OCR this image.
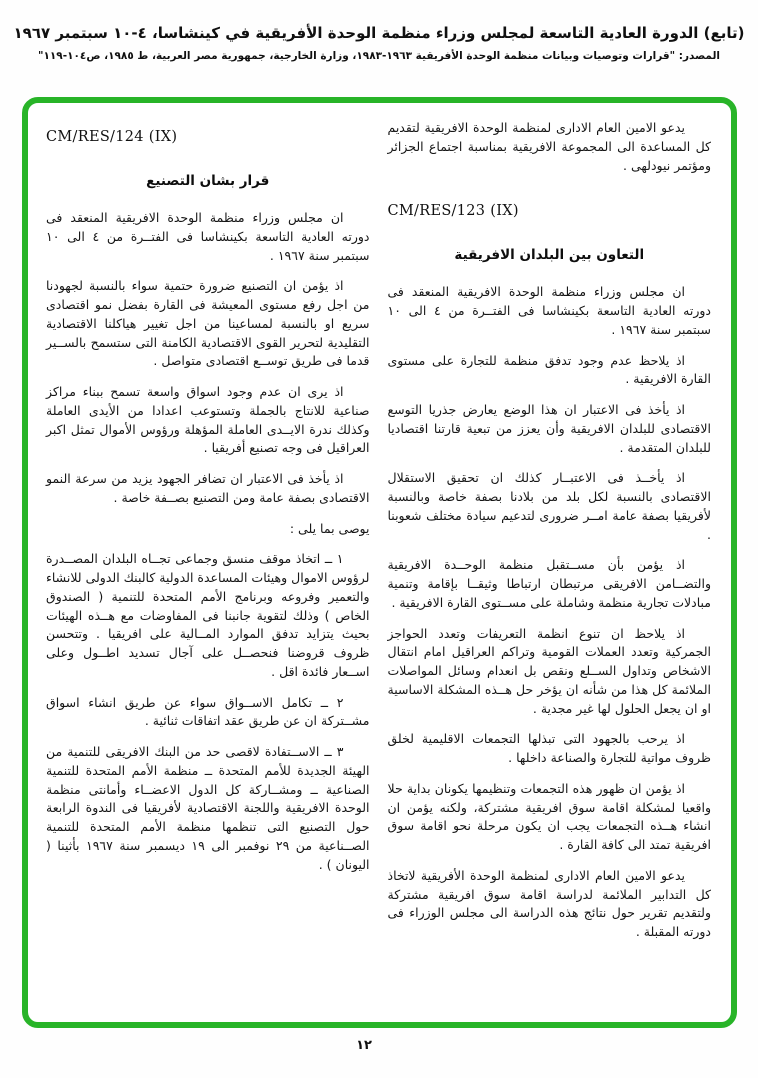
(تابع) الدورة العادية التاسعة لمجلس وزراء منظمة الوحدة الأفريقية في كينشاسا، ٤-١٠ سبتمبر ١٩٦٧
المصدر: "قرارات وتوصيات وبيانات منظمة الوحدة الأفريقية ١٩٦٣-١٩٨٣، وزارة الخارجية، جمهورية مصر العربية، ط ١٩٨٥، ص١٠٤-١١٩"

يدعو الامين العام الادارى لمنظمة الوحدة الافريقية لتقديم كل المساعدة الى المجموعة الافريقية بمناسبة اجتماع الجزائر ومؤتمر نيودلهى .

CM/RES/123 (IX)
التعاون بين البلدان الافريقية

ان مجلس وزراء منظمة الوحدة الافريقية المنعقد فى دورته العادية التاسعة بكينشاسا فى الفتــرة من ٤ الى ١٠ سبتمبر سنة ١٩٦٧ .

اذ يلاحظ عدم وجود تدفق منظمة للتجارة على مستوى القارة الافريقية .

اذ يأخذ فى الاعتبار ان هذا الوضع يعارض جذريا التوسع الاقتصادى للبلدان الافريقية وأن يعزز من تبعية قارتنا اقتصاديا للبلدان المتقدمة .

اذ يأخــذ فى الاعتبــار كذلك ان تحقيق الاستقلال الاقتصادى بالنسبة لكل بلد من بلادنا بصفة خاصة وبالنسبة لأفريقيا بصفة عامة امــر ضرورى لتدعيم سيادة مختلف شعوبنا .

اذ يؤمن بأن مســتقبل منظمة الوحــدة الافريقية والتضــامن الافريقى مرتبطان ارتباطا وثيقــا بإقامة وتنمية مبادلات تجارية منظمة وشاملة على مســتوى القارة الافريقية .

اذ يلاحظ ان تنوع انظمة التعريفات وتعدد الحواجز الجمركية وتعدد العملات القومية وتراكم العراقيل امام انتقال الاشخاص وتداول الســلع ونقص بل انعدام وسائل المواصلات الملائمة كل هذا من شأنه ان يؤخر حل هــذه المشكلة الاساسية او ان يجعل الحلول لها غير مجدية .

اذ يرحب بالجهود التى تبذلها التجمعات الاقليمية لخلق ظروف مواتية للتجارة والصناعة داخلها .

اذ يؤمن ان ظهور هذه التجمعات وتنظيمها يكونان بداية حلا واقعيا لمشكلة اقامة سوق افريقية مشتركة، ولكنه يؤمن ان انشاء هــذه التجمعات يجب ان يكون مرحلة نحو اقامة سوق افريقية تمتد الى كافة القارة .

يدعو الامين العام الادارى لمنظمة الوحدة الأفريقية لاتخاذ كل التدابير الملائمة لدراسة اقامة سوق افريقية مشتركة ولتقديم تقرير حول نتائج هذه الدراسة الى مجلس الوزراء فى دورته المقبلة .

CM/RES/124 (IX)
قرار بشان التصنيع

ان مجلس وزراء منظمة الوحدة الافريقية المنعقد فى دورته العادية التاسعة بكينشاسا فى الفتــرة من ٤ الى ١٠ سبتمبر سنة ١٩٦٧ .

اذ يؤمن ان التصنيع ضرورة حتمية سواء بالنسبة لجهودنا من اجل رفع مستوى المعيشة فى القارة بفضل نمو اقتصادى سريع او بالنسبة لمساعينا من اجل تغيير هياكلنا الاقتصادية التقليدية لتحرير القوى الاقتصادية الكامنة التى ستسمح بالســير قدما فى طريق توســع اقتصادى متواصل .

اذ يرى ان عدم وجود اسواق واسعة تسمح ببناء مراكز صناعية للانتاج بالجملة وتستوعب اعدادا من الأيدى العاملة وكذلك ندرة الايــدى العاملة المؤهلة ورؤوس الأموال تمثل اكبر العراقيل فى وجه تصنيع أفريقيا .

اذ يأخذ فى الاعتبار ان تضافر الجهود يزيد من سرعة النمو الاقتصادى بصفة عامة ومن التصنيع بصــفة خاصة .

يوصى بما يلى :

١ ــ اتخاذ موقف منسق وجماعى تجــاه البلدان المصــدرة لرؤوس الاموال وهيئات المساعدة الدولية كالبنك الدولى للانشاء والتعمير وفروعه وبرنامج الأمم المتحدة للتنمية ( الصندوق الخاص ) وذلك لتقوية جانبنا فى المفاوضات مع هــذه الهيئات بحيث يتزايد تدفق الموارد المــالية على افريقيا . وتتحسن ظروف قروضنا فنحصــل على آجال تسديد اطــول وعلى اســعار فائدة اقل .

٢ ــ تكامل الاســواق سواء عن طريق انشاء اسواق مشــتركة ان عن طريق عقد اتفاقات ثنائية .

٣ ــ الاســتفادة لاقصى حد من البنك الافريقى للتنمية من الهيئة الجديدة للأمم المتحدة ــ منظمة الأمم المتحدة للتنمية الصناعية ــ ومشــاركة كل الدول الاعضــاء وأمانتى منظمة الوحدة الافريقية واللجنة الاقتصادية لأفريقيا فى الندوة الرابعة حول التصنيع التى تنظمها منظمة الأمم المتحدة للتنمية الصــناعية من ٢٩ نوفمبر الى ١٩ ديسمبر سنة ١٩٦٧ بأثينا ( اليونان ) .

١٢
